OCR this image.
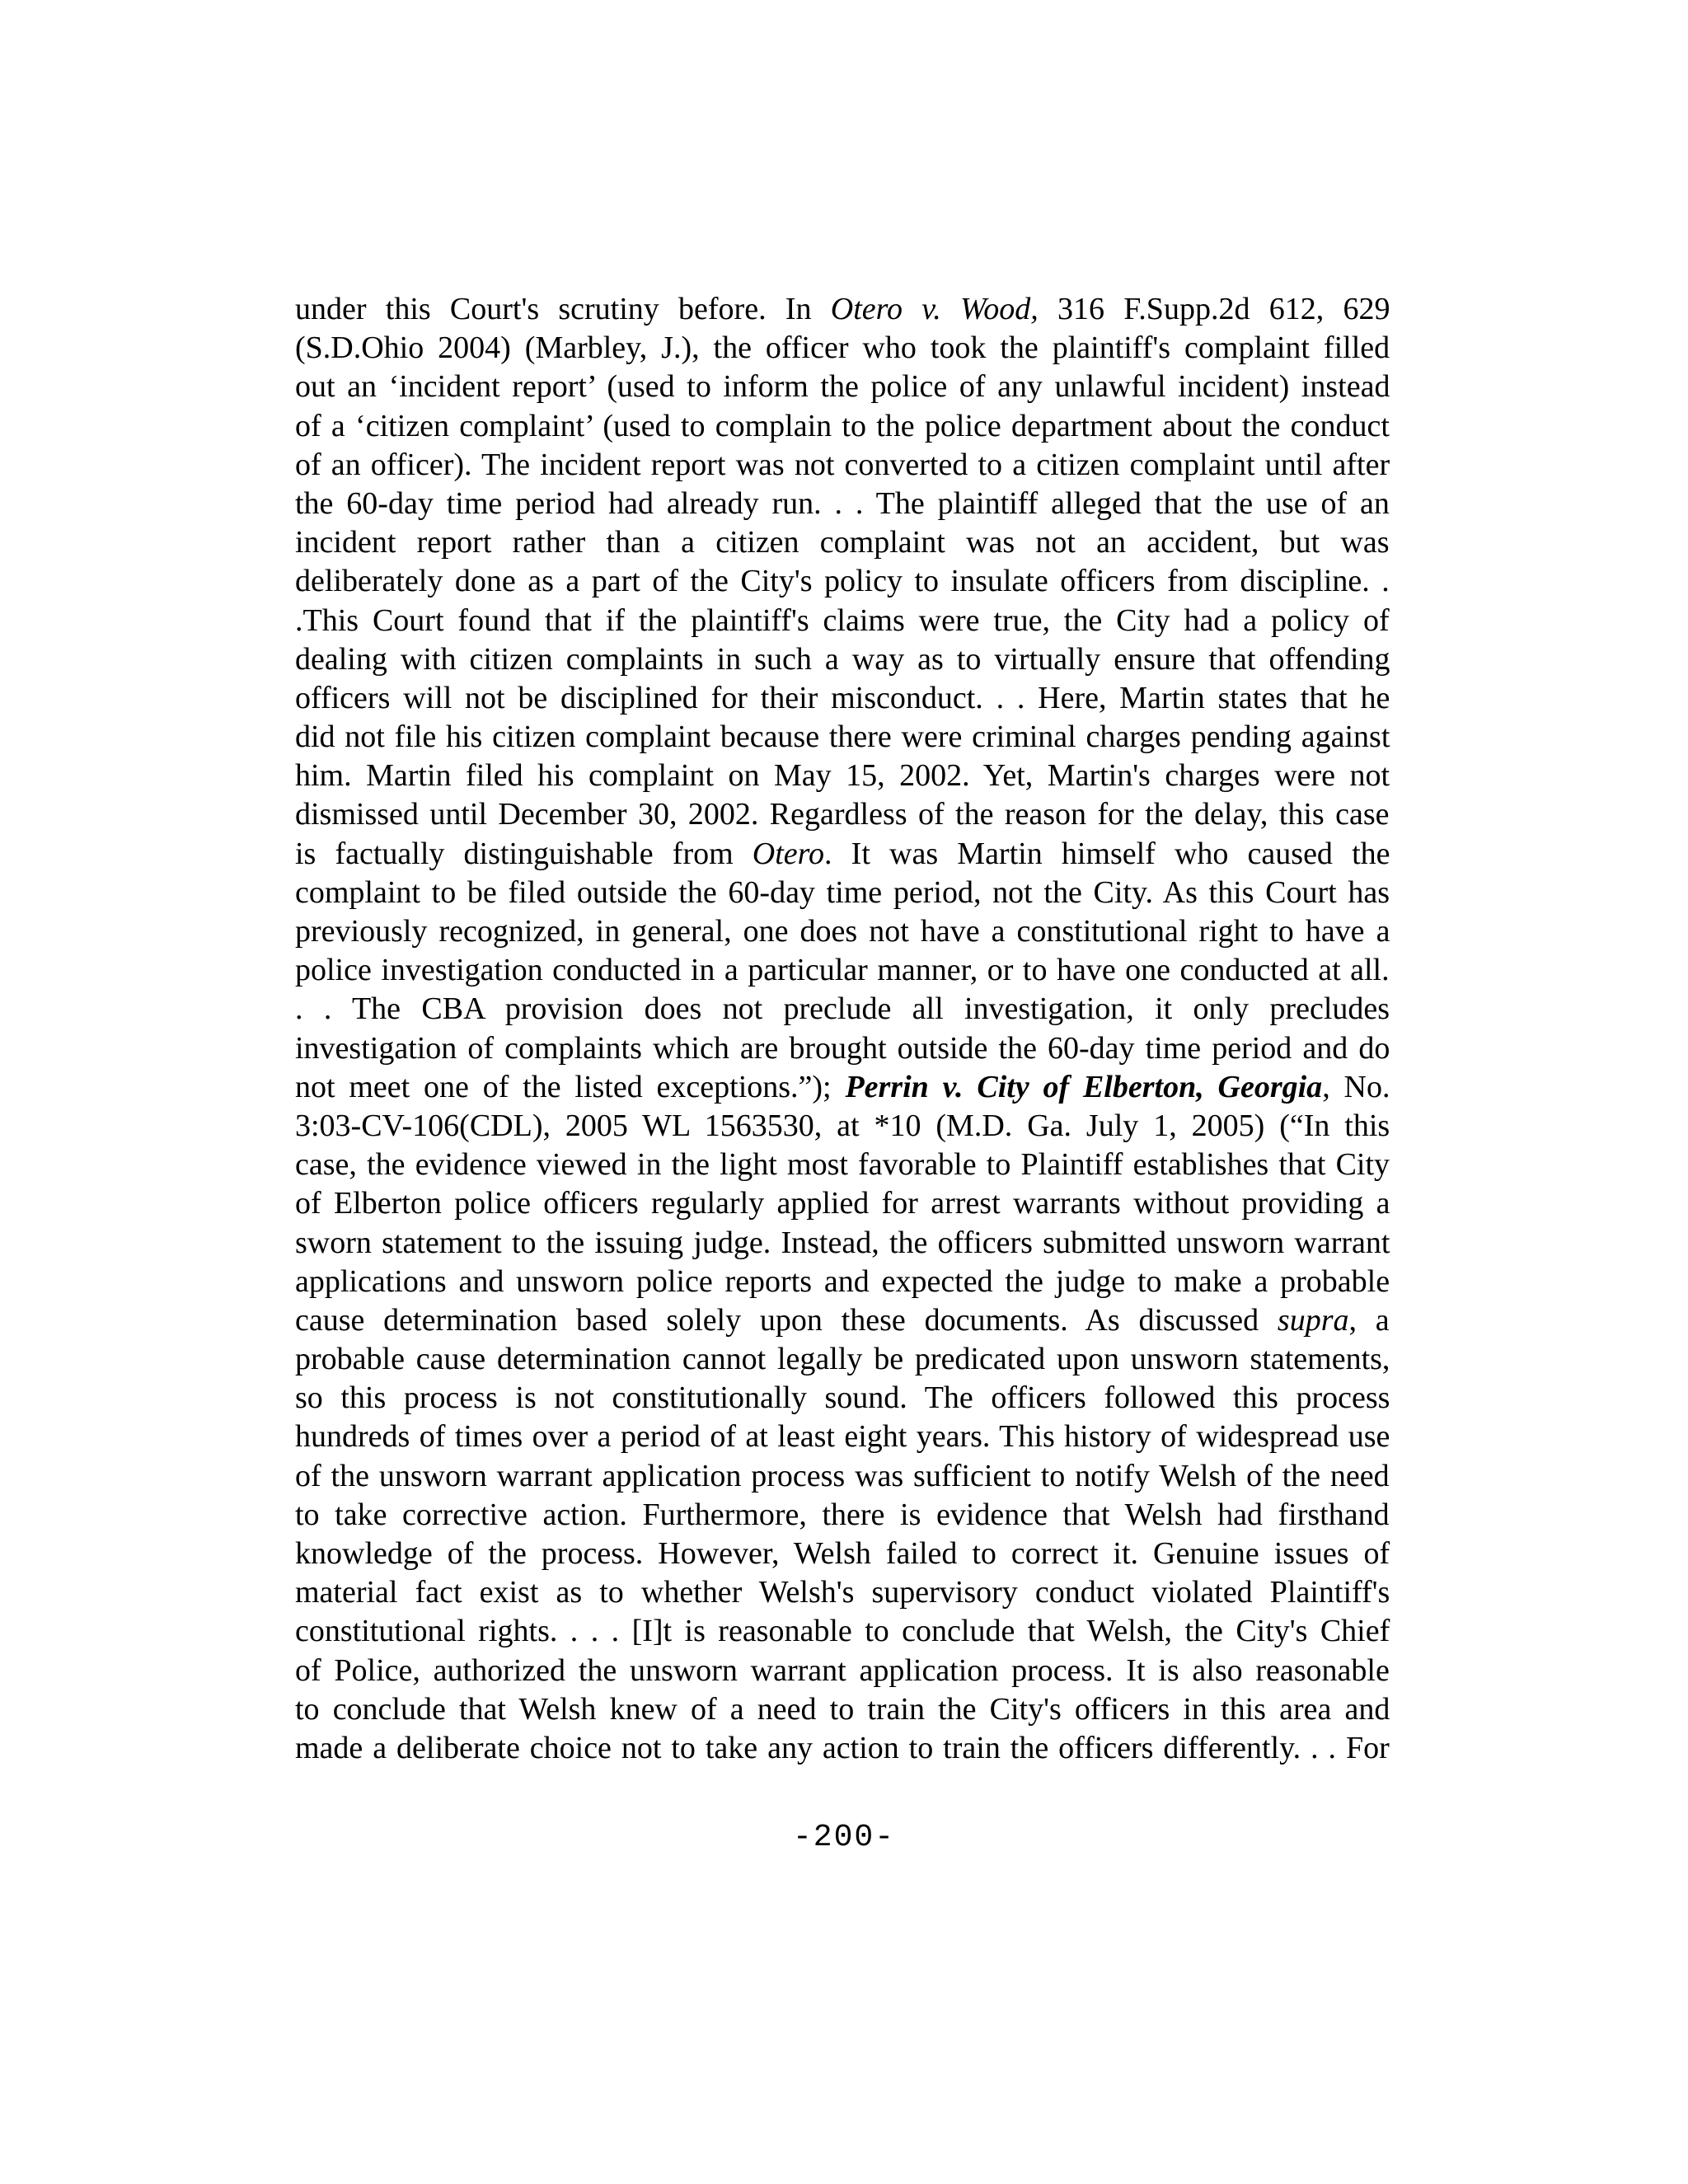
under this Court's scrutiny before. In Otero v. Wood, 316 F.Supp.2d 612, 629
(S.D.Ohio 2004) (Marbley, J.), the officer who took the plaintiff's complaint filled
out an ‘incident report’ (used to inform the police of any unlawful incident) instead
of a ‘citizen complaint’ (used to complain to the police department about the conduct
of an officer). The incident report was not converted to a citizen complaint until after
the 60-day time period had already run. . . The plaintiff alleged that the use of an
incident report rather than a citizen complaint was not an accident, but was
deliberately done as a part of the City's policy to insulate officers from discipline. .
.This Court found that if the plaintiff's claims were true, the City had a policy of
dealing with citizen complaints in such a way as to virtually ensure that offending
officers will not be disciplined for their misconduct. . . Here, Martin states that he
did not file his citizen complaint because there were criminal charges pending against
him. Martin filed his complaint on May 15, 2002. Yet, Martin's charges were not
dismissed until December 30, 2002. Regardless of the reason for the delay, this case
is factually distinguishable from Otero. It was Martin himself who caused the
complaint to be filed outside the 60-day time period, not the City. As this Court has
previously recognized, in general, one does not have a constitutional right to have a
police investigation conducted in a particular manner, or to have one conducted at all.
. . The CBA provision does not preclude all investigation, it only precludes
investigation of complaints which are brought outside the 60-day time period and do
not meet one of the listed exceptions.”); Perrin v. City of Elberton, Georgia, No.
3:03-CV-106(CDL), 2005 WL 1563530, at *10 (M.D. Ga. July 1, 2005) (“In this
case, the evidence viewed in the light most favorable to Plaintiff establishes that City
of Elberton police officers regularly applied for arrest warrants without providing a
sworn statement to the issuing judge. Instead, the officers submitted unsworn warrant
applications and unsworn police reports and expected the judge to make a probable
cause determination based solely upon these documents. As discussed supra, a
probable cause determination cannot legally be predicated upon unsworn statements,
so this process is not constitutionally sound. The officers followed this process
hundreds of times over a period of at least eight years. This history of widespread use
of the unsworn warrant application process was sufficient to notify Welsh of the need
to take corrective action. Furthermore, there is evidence that Welsh had firsthand
knowledge of the process. However, Welsh failed to correct it. Genuine issues of
material fact exist as to whether Welsh's supervisory conduct violated Plaintiff's
constitutional rights. . . . [I]t is reasonable to conclude that Welsh, the City's Chief
of Police, authorized the unsworn warrant application process. It is also reasonable
to conclude that Welsh knew of a need to train the City's officers in this area and
made a deliberate choice not to take any action to train the officers differently. . . For
-200-
